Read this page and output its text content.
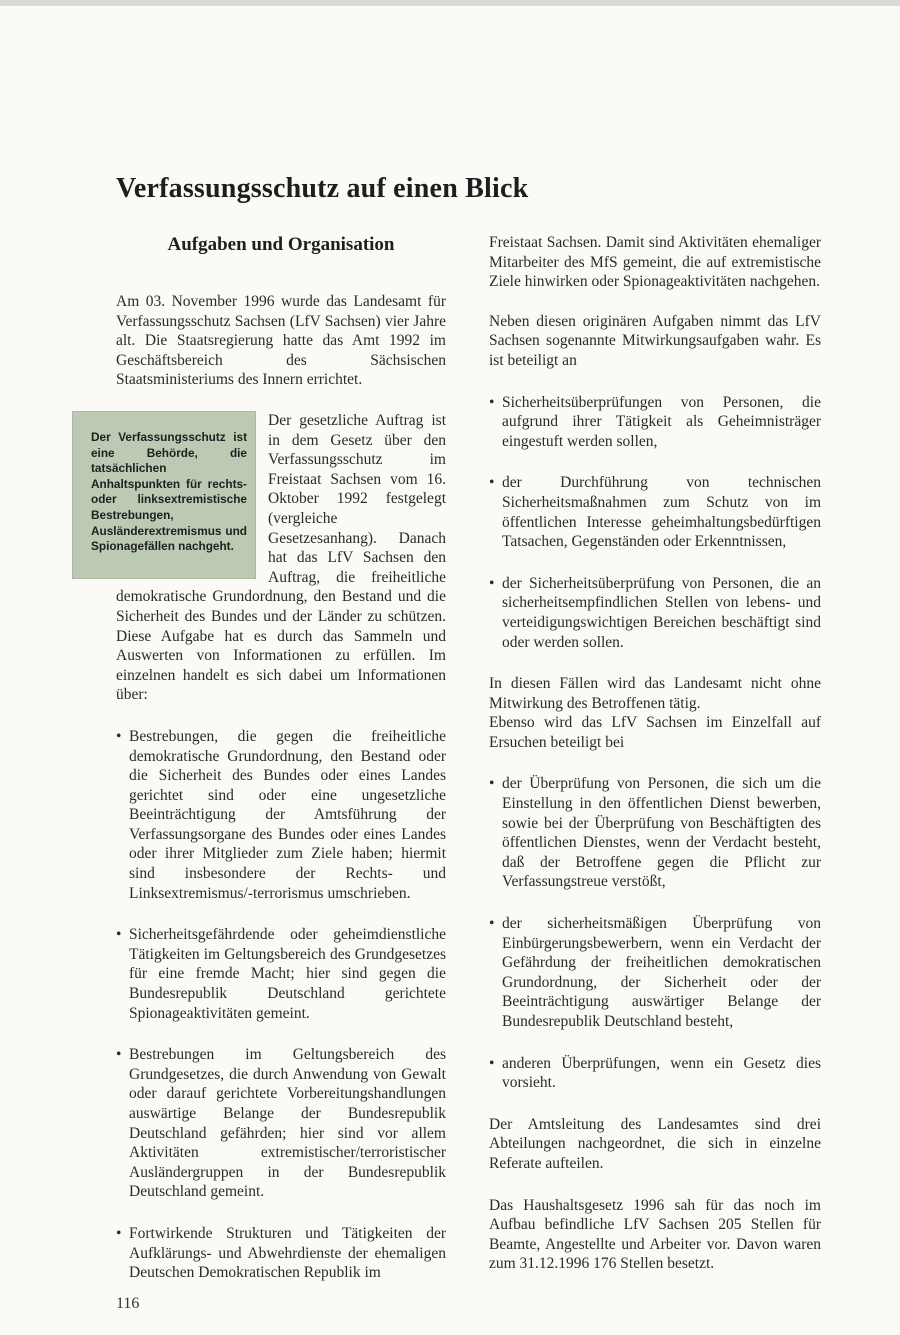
Verfassungsschutz auf einen Blick
Aufgaben und Organisation

Am 03. November 1996 wurde das Landesamt für Verfassungsschutz Sachsen (LfV Sachsen) vier Jahre alt. Die Staatsregierung hatte das Amt 1992 im Geschäftsbereich des Sächsischen Staatsministeriums des Innern errichtet.

Der Verfassungsschutz ist eine Behörde, die tatsächlichen Anhaltspunkten für rechts- oder linksextremistische Bestrebungen, Ausländerextremismus und Spionagefällen nachgeht.

Der gesetzliche Auftrag ist in dem Gesetz über den Verfassungsschutz im Freistaat Sachsen vom 16. Oktober 1992 festgelegt (vergleiche Gesetzesanhang). Danach hat das LfV Sachsen den Auftrag, die freiheitliche demokratische Grundordnung, den Bestand und die Sicherheit des Bundes und der Länder zu schützen. Diese Aufgabe hat es durch das Sammeln und Auswerten von Informationen zu erfüllen. Im einzelnen handelt es sich dabei um Informationen über:

• Bestrebungen, die gegen die freiheitliche demokratische Grundordnung, den Bestand oder die Sicherheit des Bundes oder eines Landes gerichtet sind oder eine ungesetzliche Beeinträchtigung der Amtsführung der Verfassungsorgane des Bundes oder eines Landes oder ihrer Mitglieder zum Ziele haben; hiermit sind insbesondere der Rechts- und Linksextremismus/-terrorismus umschrieben.
• Sicherheitsgefährdende oder geheimdienstliche Tätigkeiten im Geltungsbereich des Grundgesetzes für eine fremde Macht; hier sind gegen die Bundesrepublik Deutschland gerichtete Spionageaktivitäten gemeint.
• Bestrebungen im Geltungsbereich des Grundgesetzes, die durch Anwendung von Gewalt oder darauf gerichtete Vorbereitungshandlungen auswärtige Belange der Bundesrepublik Deutschland gefährden; hier sind vor allem Aktivitäten extremistischer/terroristischer Ausländergruppen in der Bundesrepublik Deutschland gemeint.
• Fortwirkende Strukturen und Tätigkeiten der Aufklärungs- und Abwehrdienste der ehemaligen Deutschen Demokratischen Republik im

Freistaat Sachsen. Damit sind Aktivitäten ehemaliger Mitarbeiter des MfS gemeint, die auf extremistische Ziele hinwirken oder Spionageaktivitäten nachgehen.

Neben diesen originären Aufgaben nimmt das LfV Sachsen sogenannte Mitwirkungsaufgaben wahr. Es ist beteiligt an

• Sicherheitsüberprüfungen von Personen, die aufgrund ihrer Tätigkeit als Geheimnisträger eingestuft werden sollen,
• der Durchführung von technischen Sicherheitsmaßnahmen zum Schutz von im öffentlichen Interesse geheimhaltungsbedürftigen Tatsachen, Gegenständen oder Erkenntnissen,
• der Sicherheitsüberprüfung von Personen, die an sicherheitsempfindlichen Stellen von lebens- und verteidigungswichtigen Bereichen beschäftigt sind oder werden sollen.

In diesen Fällen wird das Landesamt nicht ohne Mitwirkung des Betroffenen tätig.

Ebenso wird das LfV Sachsen im Einzelfall auf Ersuchen beteiligt bei

• der Überprüfung von Personen, die sich um die Einstellung in den öffentlichen Dienst bewerben, sowie bei der Überprüfung von Beschäftigten des öffentlichen Dienstes, wenn der Verdacht besteht, daß der Betroffene gegen die Pflicht zur Verfassungstreue verstößt,
• der sicherheitsmäßigen Überprüfung von Einbürgerungsbewerbern, wenn ein Verdacht der Gefährdung der freiheitlichen demokratischen Grundordnung, der Sicherheit oder der Beeinträchtigung auswärtiger Belange der Bundesrepublik Deutschland besteht,
• anderen Überprüfungen, wenn ein Gesetz dies vorsieht.

Der Amtsleitung des Landesamtes sind drei Abteilungen nachgeordnet, die sich in einzelne Referate aufteilen.

Das Haushaltsgesetz 1996 sah für das noch im Aufbau befindliche LfV Sachsen 205 Stellen für Beamte, Angestellte und Arbeiter vor. Davon waren zum 31.12.1996 176 Stellen besetzt.

116
